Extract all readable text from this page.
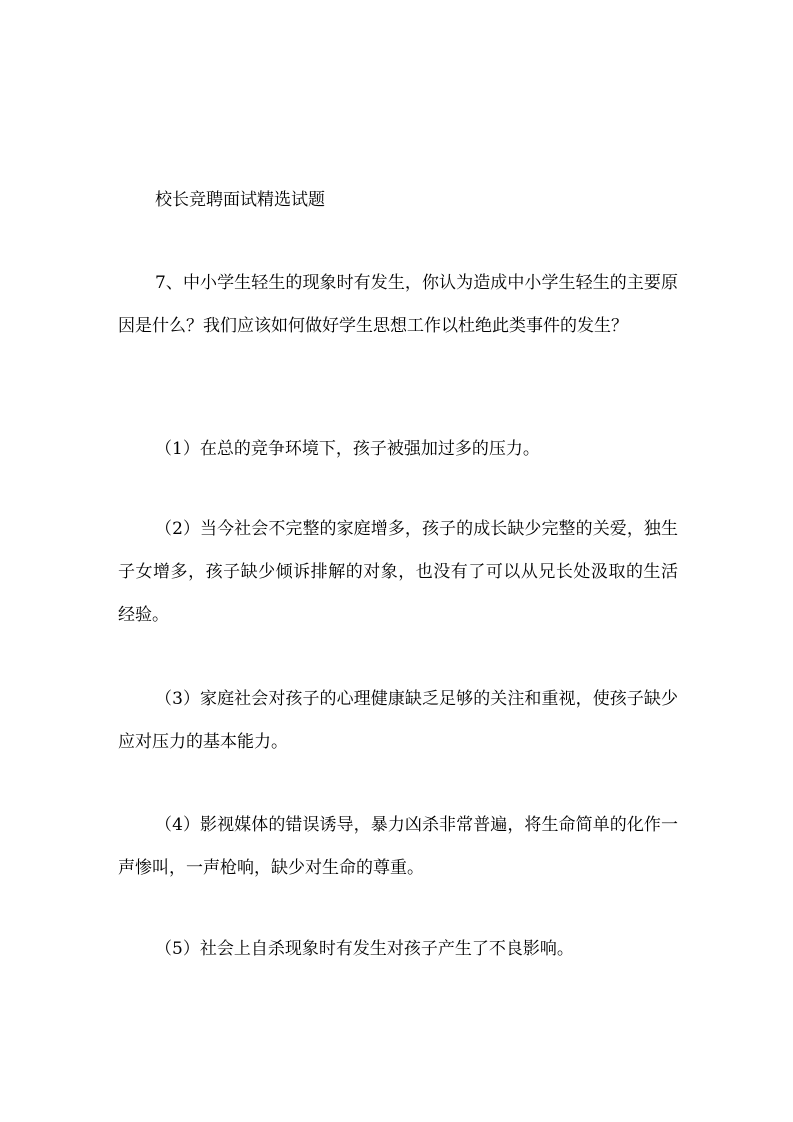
校长竞聘面试精选试题

7、中小学生轻生的现象时有发生，你认为造成中小学生轻生的主要原因是什么？我们应该如何做好学生思想工作以杜绝此类事件的发生？

（1）在总的竞争环境下，孩子被强加过多的压力。

（2）当今社会不完整的家庭增多，孩子的成长缺少完整的关爱，独生子女增多，孩子缺少倾诉排解的对象，也没有了可以从兄长处汲取的生活经验。

（3）家庭社会对孩子的心理健康缺乏足够的关注和重视，使孩子缺少应对压力的基本能力。

（4）影视媒体的错误诱导，暴力凶杀非常普遍，将生命简单的化作一声惨叫，一声枪响，缺少对生命的尊重。

（5）社会上自杀现象时有发生对孩子产生了不良影响。
